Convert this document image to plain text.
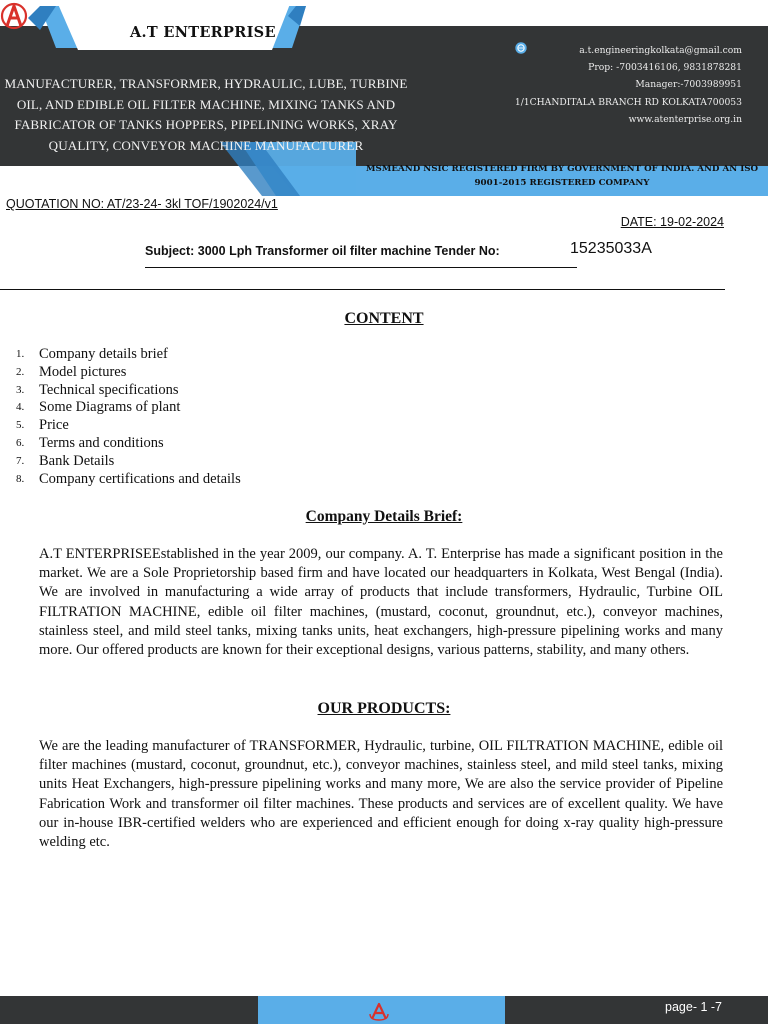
A.T ENTERPRISE
MANUFACTURER, TRANSFORMER, HYDRAULIC, LUBE, TURBINE
OIL, AND EDIBLE OIL FILTER MACHINE, MIXING TANKS AND
FABRICATOR OF TANKS HOPPERS, PIPELINING WORKS, XRAY
QUALITY, CONVEYOR MACHINE MANUFACTURER
a.t.engineeringkolkata@gmail.com
Prop: -7003416106, 9831878281
Manager:-7003989951
1/1CHANDITALA BRANCH RD KOLKATA700053
www.atenterprise.org.in
MSMEAND NSIC REGISTERED FIRM BY GOVERNMENT OF INDIA. AND AN ISO
9001-2015 REGISTERED COMPANY
QUOTATION NO: AT/23-24- 3kl TOF/1902024/v1
DATE: 19-02-2024
Subject: 3000 Lph Transformer oil filter machine Tender No:	15235033A
CONTENT
1.	Company details brief
2.	Model pictures
3.	Technical specifications
4.	Some Diagrams of plant
5.	Price
6.	Terms and conditions
7.	Bank Details
8.	Company certifications and details
Company Details Brief:
A.T ENTERPRISEEstablished in the year 2009, our company. A. T. Enterprise has made a significant position in the market. We are a Sole Proprietorship based firm and have located our headquarters in Kolkata, West Bengal (India). We are involved in manufacturing a wide array of products that include transformers, Hydraulic, Turbine OIL FILTRATION MACHINE, edible oil filter machines, (mustard, coconut, groundnut, etc.), conveyor machines, stainless steel, and mild steel tanks, mixing tanks units, heat exchangers, high-pressure pipelining works and many more. Our offered products are known for their exceptional designs, various patterns, stability, and many others.
OUR PRODUCTS:
We are the leading manufacturer of TRANSFORMER, Hydraulic, turbine, OIL FILTRATION MACHINE, edible oil filter machines (mustard, coconut, groundnut, etc.), conveyor machines, stainless steel, and mild steel tanks, mixing units Heat Exchangers, high-pressure pipelining works and many more, We are also the service provider of Pipeline Fabrication Work and transformer oil filter machines. These products and services are of excellent quality. We have our in-house IBR-certified welders who are experienced and efficient enough for doing x-ray quality high-pressure welding etc.
page- 1 -7
